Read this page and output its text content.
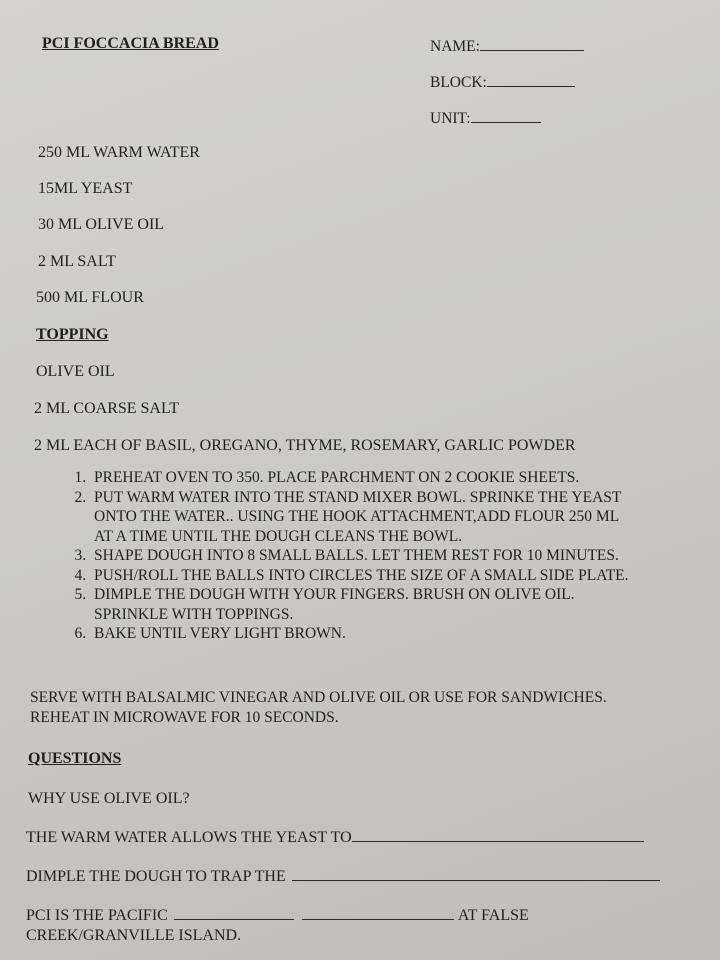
PCI FOCCACIA BREAD	NAME:
BLOCK:
UNIT:
250 ML WARM WATER
15ML YEAST
30 ML OLIVE OIL
2 ML SALT
500 ML FLOUR
TOPPING
OLIVE OIL
2 ML COARSE SALT
2 ML EACH OF BASIL, OREGANO, THYME, ROSEMARY, GARLIC POWDER
1. PREHEAT OVEN TO 350. PLACE PARCHMENT ON 2 COOKIE SHEETS.
2. PUT WARM WATER INTO THE STAND MIXER BOWL. SPRINKE THE YEAST
ONTO THE WATER.. USING THE HOOK ATTACHMENT,ADD FLOUR 250 ML
AT A TIME UNTIL THE DOUGH CLEANS THE BOWL.
3. SHAPE DOUGH INTO 8 SMALL BALLS. LET THEM REST FOR 10 MINUTES.
4. PUSH/ROLL THE BALLS INTO CIRCLES THE SIZE OF A SMALL SIDE PLATE.
5. DIMPLE THE DOUGH WITH YOUR FINGERS. BRUSH ON OLIVE OIL.
SPRINKLE WITH TOPPINGS.
6. BAKE UNTIL VERY LIGHT BROWN.
SERVE WITH BALSALMIC VINEGAR AND OLIVE OIL OR USE FOR SANDWICHES.
REHEAT IN MICROWAVE FOR 10 SECONDS.
QUESTIONS
WHY USE OLIVE OIL?
THE WARM WATER ALLOWS THE YEAST TO
DIMPLE THE DOUGH TO TRAP THE
PCI IS THE PACIFIC	AT FALSE
CREEK/GRANVILLE ISLAND.
